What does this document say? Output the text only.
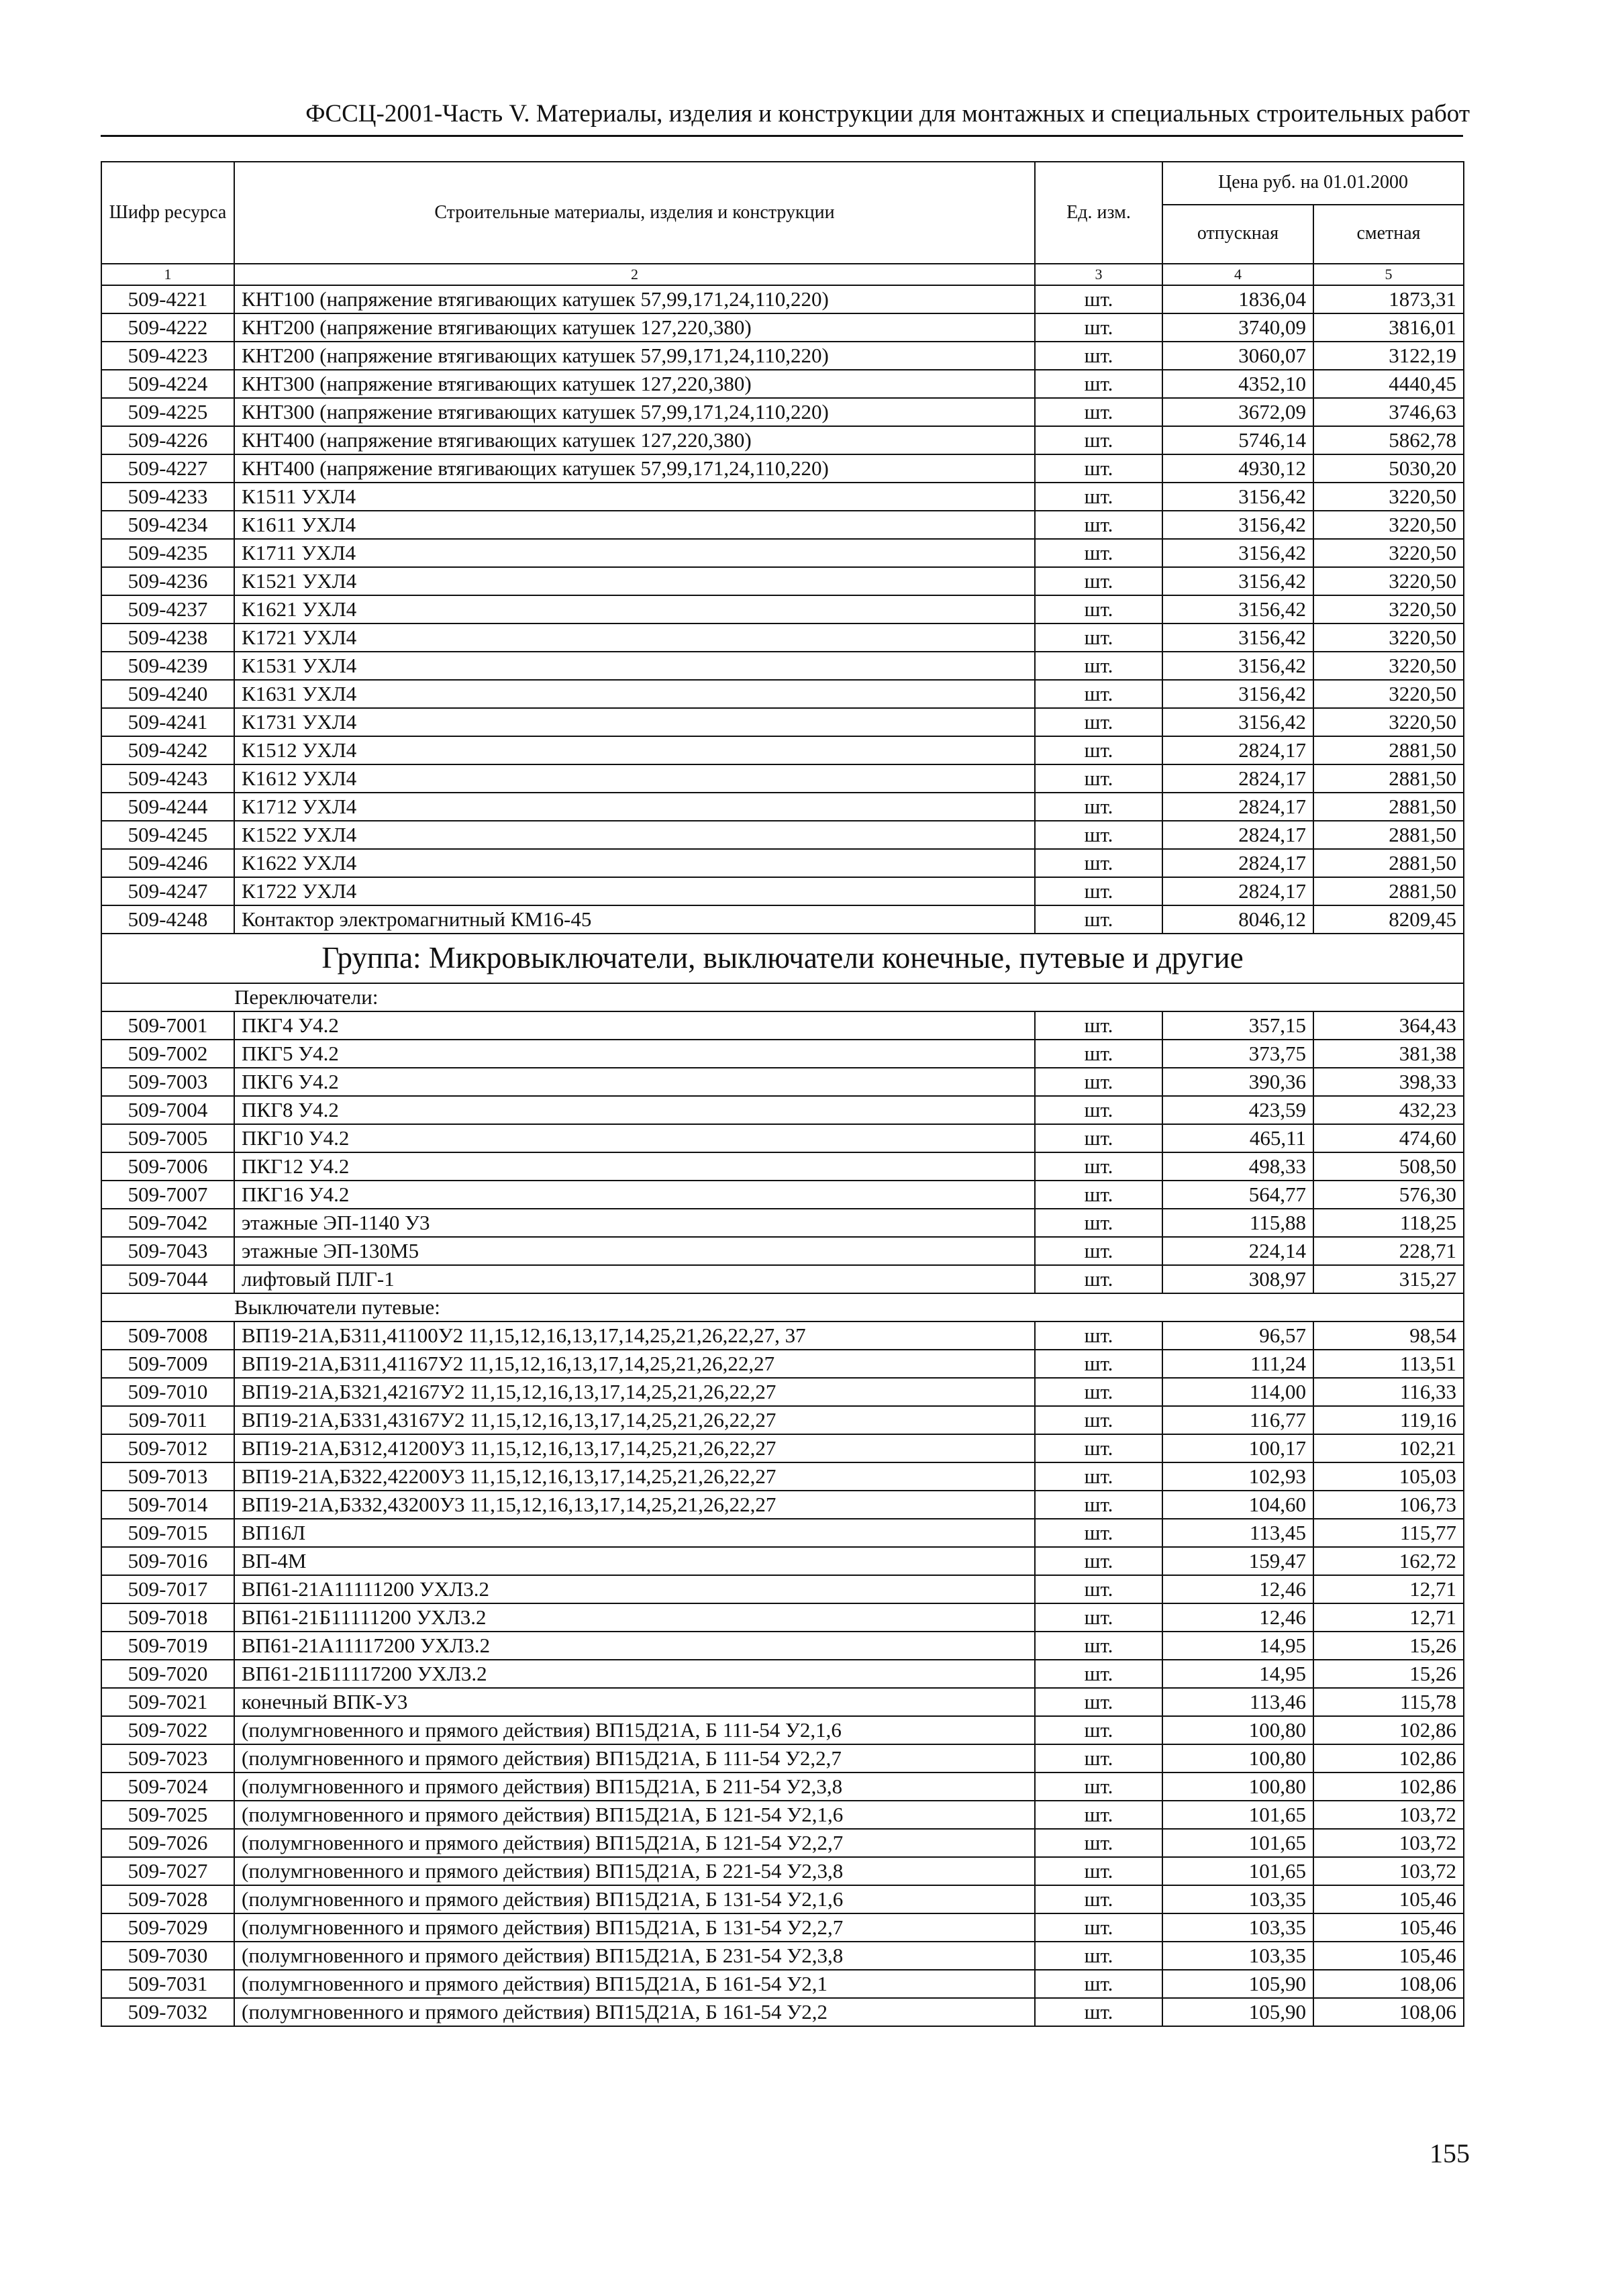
ФССЦ-2001-Часть V. Материалы, изделия и конструкции для монтажных и специальных строительных работ
Шифр ресурса	Строительные материалы, изделия и конструкции	Ед. изм.	Цена руб. на 01.01.2000	
			отпускная	сметная
1	2	3	4	5
509-4221	КНТ100 (напряжение втягивающих катушек 57,99,171,24,110,220)	шт.	1836,04	1873,31
509-4222	КНТ200 (напряжение втягивающих катушек 127,220,380)	шт.	3740,09	3816,01
509-4223	КНТ200 (напряжение втягивающих катушек 57,99,171,24,110,220)	шт.	3060,07	3122,19
509-4224	КНТ300 (напряжение втягивающих катушек 127,220,380)	шт.	4352,10	4440,45
509-4225	КНТ300 (напряжение втягивающих катушек 57,99,171,24,110,220)	шт.	3672,09	3746,63
509-4226	КНТ400 (напряжение втягивающих катушек 127,220,380)	шт.	5746,14	5862,78
509-4227	КНТ400 (напряжение втягивающих катушек 57,99,171,24,110,220)	шт.	4930,12	5030,20
509-4233	К1511 УХЛ4	шт.	3156,42	3220,50
509-4234	К1611 УХЛ4	шт.	3156,42	3220,50
509-4235	К1711 УХЛ4	шт.	3156,42	3220,50
509-4236	К1521 УХЛ4	шт.	3156,42	3220,50
509-4237	К1621 УХЛ4	шт.	3156,42	3220,50
509-4238	К1721 УХЛ4	шт.	3156,42	3220,50
509-4239	К1531 УХЛ4	шт.	3156,42	3220,50
509-4240	К1631 УХЛ4	шт.	3156,42	3220,50
509-4241	К1731 УХЛ4	шт.	3156,42	3220,50
509-4242	К1512 УХЛ4	шт.	2824,17	2881,50
509-4243	К1612 УХЛ4	шт.	2824,17	2881,50
509-4244	К1712 УХЛ4	шт.	2824,17	2881,50
509-4245	К1522 УХЛ4	шт.	2824,17	2881,50
509-4246	К1622 УХЛ4	шт.	2824,17	2881,50
509-4247	К1722 УХЛ4	шт.	2824,17	2881,50
509-4248	Контактор электромагнитный КМ16-45	шт.	8046,12	8209,45
Группа: Микровыключатели, выключатели конечные, путевые и другие				
	Переключатели:			
509-7001	ПКГ4 У4.2	шт.	357,15	364,43
509-7002	ПКГ5 У4.2	шт.	373,75	381,38
509-7003	ПКГ6 У4.2	шт.	390,36	398,33
509-7004	ПКГ8 У4.2	шт.	423,59	432,23
509-7005	ПКГ10 У4.2	шт.	465,11	474,60
509-7006	ПКГ12 У4.2	шт.	498,33	508,50
509-7007	ПКГ16 У4.2	шт.	564,77	576,30
509-7042	этажные ЭП-1140 У3	шт.	115,88	118,25
509-7043	этажные ЭП-130М5	шт.	224,14	228,71
509-7044	лифтовый ПЛГ-1	шт.	308,97	315,27
	Выключатели путевые:			
509-7008	ВП19-21А,Б311,41100У2 11,15,12,16,13,17,14,25,21,26,22,27, 37	шт.	96,57	98,54
509-7009	ВП19-21А,Б311,41167У2 11,15,12,16,13,17,14,25,21,26,22,27	шт.	111,24	113,51
509-7010	ВП19-21А,Б321,42167У2 11,15,12,16,13,17,14,25,21,26,22,27	шт.	114,00	116,33
509-7011	ВП19-21А,Б331,43167У2 11,15,12,16,13,17,14,25,21,26,22,27	шт.	116,77	119,16
509-7012	ВП19-21А,Б312,41200У3 11,15,12,16,13,17,14,25,21,26,22,27	шт.	100,17	102,21
509-7013	ВП19-21А,Б322,42200У3 11,15,12,16,13,17,14,25,21,26,22,27	шт.	102,93	105,03
509-7014	ВП19-21А,Б332,43200У3 11,15,12,16,13,17,14,25,21,26,22,27	шт.	104,60	106,73
509-7015	ВП16Л	шт.	113,45	115,77
509-7016	ВП-4М	шт.	159,47	162,72
509-7017	ВП61-21А11111200 УХЛ3.2	шт.	12,46	12,71
509-7018	ВП61-21Б11111200 УХЛ3.2	шт.	12,46	12,71
509-7019	ВП61-21А11117200 УХЛ3.2	шт.	14,95	15,26
509-7020	ВП61-21Б11117200 УХЛ3.2	шт.	14,95	15,26
509-7021	конечный ВПК-У3	шт.	113,46	115,78
509-7022	(полумгновенного и прямого действия) ВП15Д21А, Б 111-54 У2,1,6	шт.	100,80	102,86
509-7023	(полумгновенного и прямого действия) ВП15Д21А, Б 111-54 У2,2,7	шт.	100,80	102,86
509-7024	(полумгновенного и прямого действия) ВП15Д21А, Б 211-54 У2,3,8	шт.	100,80	102,86
509-7025	(полумгновенного и прямого действия) ВП15Д21А, Б 121-54 У2,1,6	шт.	101,65	103,72
509-7026	(полумгновенного и прямого действия) ВП15Д21А, Б 121-54 У2,2,7	шт.	101,65	103,72
509-7027	(полумгновенного и прямого действия) ВП15Д21А, Б 221-54 У2,3,8	шт.	101,65	103,72
509-7028	(полумгновенного и прямого действия) ВП15Д21А, Б 131-54 У2,1,6	шт.	103,35	105,46
509-7029	(полумгновенного и прямого действия) ВП15Д21А, Б 131-54 У2,2,7	шт.	103,35	105,46
509-7030	(полумгновенного и прямого действия) ВП15Д21А, Б 231-54 У2,3,8	шт.	103,35	105,46
509-7031	(полумгновенного и прямого действия) ВП15Д21А, Б 161-54 У2,1	шт.	105,90	108,06
509-7032	(полумгновенного и прямого действия) ВП15Д21А, Б 161-54 У2,2	шт.	105,90	108,06
155
